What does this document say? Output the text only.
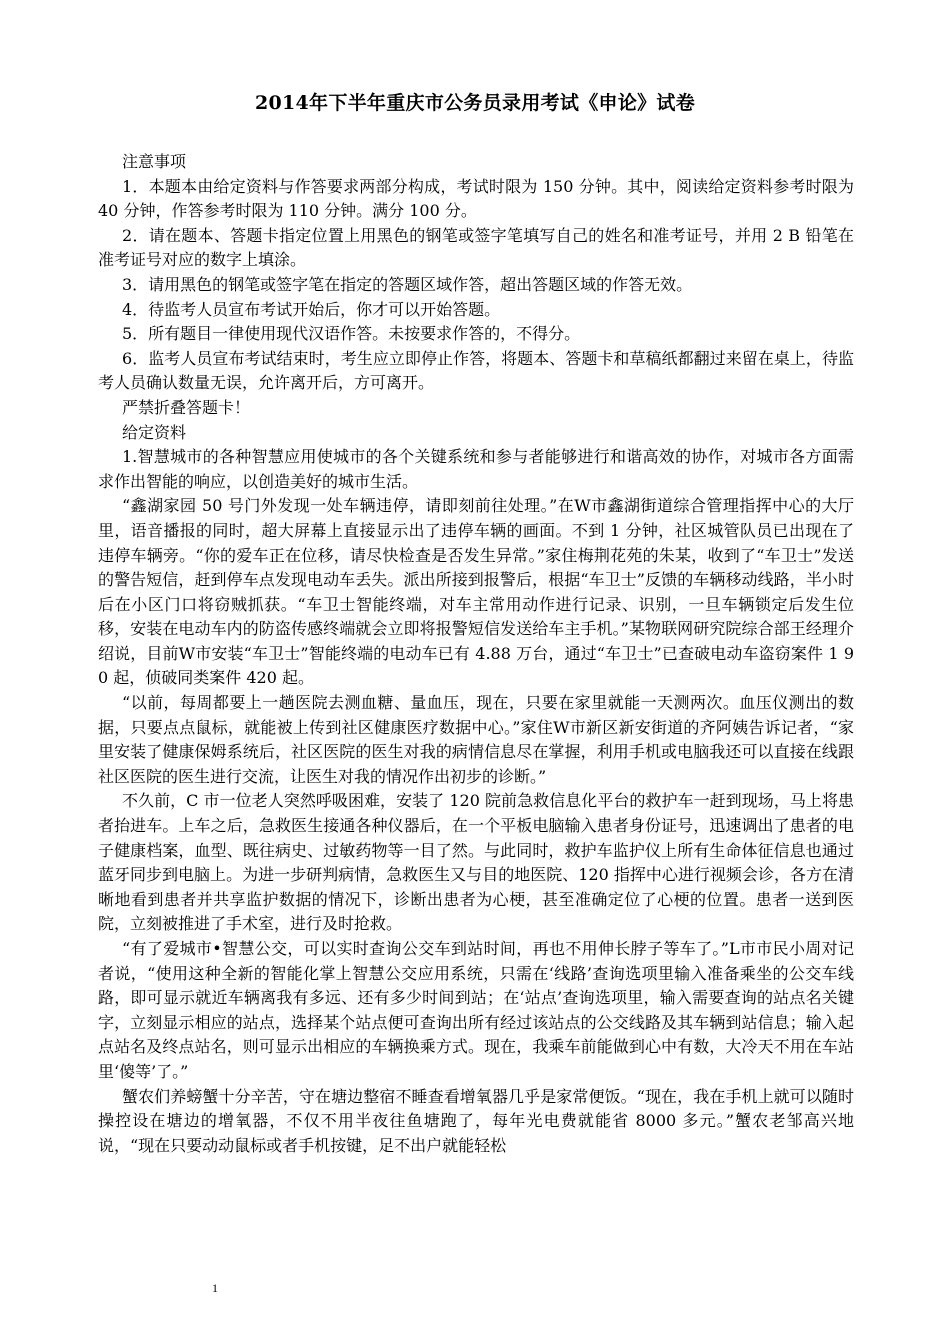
2014年下半年重庆市公务员录用考试《申论》试卷

注意事项

1．本题本由给定资料与作答要求两部分构成，考试时限为 150 分钟。其中，阅读给定资料参考时限为 40 分钟，作答参考时限为 110 分钟。满分 100 分。

2．请在题本、答题卡指定位置上用黑色的钢笔或签字笔填写自己的姓名和准考证号，并用 2 B 铅笔在准考证号对应的数字上填涂。

3．请用黑色的钢笔或签字笔在指定的答题区域作答，超出答题区域的作答无效。

4．待监考人员宣布考试开始后，你才可以开始答题。

5．所有题目一律使用现代汉语作答。未按要求作答的，不得分。

6．监考人员宣布考试结束时，考生应立即停止作答，将题本、答题卡和草稿纸都翻过来留在桌上，待监考人员确认数量无误，允许离开后，方可离开。

严禁折叠答题卡！

给定资料

1.智慧城市的各种智慧应用使城市的各个关键系统和参与者能够进行和谐高效的协作，对城市各方面需求作出智能的响应，以创造美好的城市生活。

“鑫湖家园 50 号门外发现一处车辆违停，请即刻前往处理。”在W市鑫湖街道综合管理指挥中心的大厅里，语音播报的同时，超大屏幕上直接显示出了违停车辆的画面。不到 1 分钟，社区城管队员已出现在了违停车辆旁。“你的爱车正在位移，请尽快检查是否发生异常。”家住梅荆花苑的朱某，收到了“车卫士”发送的警告短信，赶到停车点发现电动车丢失。派出所接到报警后，根据“车卫士”反馈的车辆移动线路，半小时后在小区门口将窃贼抓获。“车卫士智能终端，对车主常用动作进行记录、识别，一旦车辆锁定后发生位移，安装在电动车内的防盗传感终端就会立即将报警短信发送给车主手机。”某物联网研究院综合部王经理介绍说，目前W市安装“车卫士”智能终端的电动车已有 4.88 万台，通过“车卫士”已查破电动车盗窃案件 1 9 0 起，侦破同类案件 420 起。

“以前，每周都要上一趟医院去测血糖、量血压，现在，只要在家里就能一天测两次。血压仪测出的数据，只要点点鼠标，就能被上传到社区健康医疗数据中心。”家住W市新区新安街道的齐阿姨告诉记者，“家里安装了健康保姆系统后，社区医院的医生对我的病情信息尽在掌握，利用手机或电脑我还可以直接在线跟社区医院的医生进行交流，让医生对我的情况作出初步的诊断。”

不久前，C 市一位老人突然呼吸困难，安装了 120 院前急救信息化平台的救护车一赶到现场，马上将患者抬进车。上车之后，急救医生接通各种仪器后，在一个平板电脑输入患者身份证号，迅速调出了患者的电子健康档案，血型、既往病史、过敏药物等一目了然。与此同时，救护车监护仪上所有生命体征信息也通过蓝牙同步到电脑上。为进一步研判病情，急救医生又与目的地医院、120 指挥中心进行视频会诊，各方在清晰地看到患者并共享监护数据的情况下，诊断出患者为心梗，甚至准确定位了心梗的位置。患者一送到医院，立刻被推进了手术室，进行及时抢救。

“有了爱城市•智慧公交，可以实时查询公交车到站时间，再也不用伸长脖子等车了。”L市市民小周对记者说，“使用这种全新的智能化掌上智慧公交应用系统，只需在‘线路’查询选项里输入准备乘坐的公交车线路，即可显示就近车辆离我有多远、还有多少时间到站；在‘站点’查询选项里，输入需要查询的站点名关键字，立刻显示相应的站点，选择某个站点便可查询出所有经过该站点的公交线路及其车辆到站信息；输入起点站名及终点站名，则可显示出相应的车辆换乘方式。现在，我乘车前能做到心中有数，大冷天不用在车站里‘傻等’了。”

蟹农们养螃蟹十分辛苦，守在塘边整宿不睡查看增氧器几乎是家常便饭。“现在，我在手机上就可以随时操控设在塘边的增氧器，不仅不用半夜往鱼塘跑了，每年光电费就能省 8000 多元。”蟹农老邹高兴地说，“现在只要动动鼠标或者手机按键，足不出户就能轻松

1
